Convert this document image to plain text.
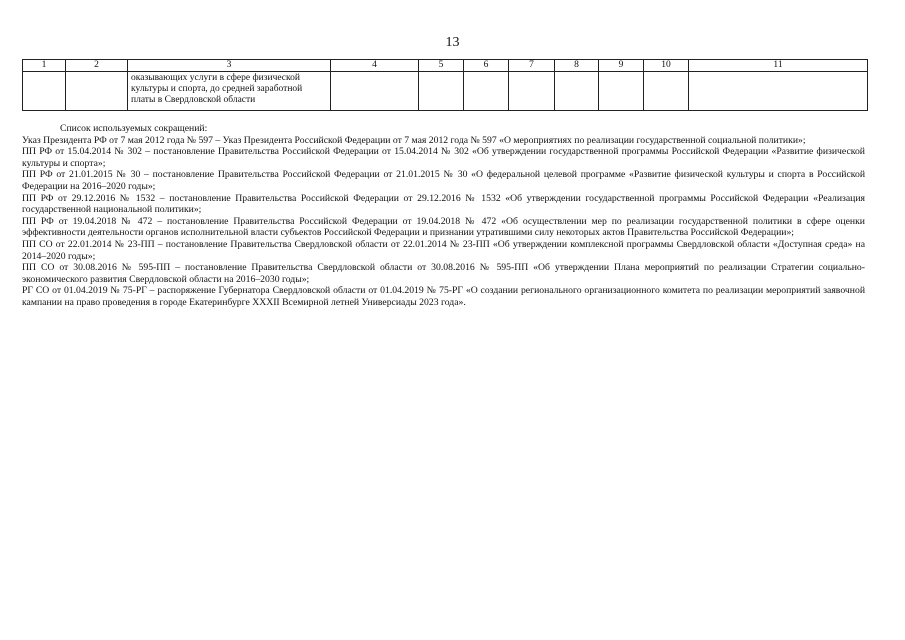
13
1	2	3	4	5	6	7	8	9	10	11
		оказывающих услуги в сфере физической культуры и спорта, до средней заработной платы в Свердловской области								

Список используемых сокращений:

Указ Президента РФ от 7 мая 2012 года № 597 – Указ Президента Российской Федерации от 7 мая 2012 года № 597 «О мероприятиях по реализации государственной социальной политики»;

ПП РФ от 15.04.2014 № 302 – постановление Правительства Российской Федерации от 15.04.2014 № 302 «Об утверждении государственной программы Российской Федерации «Развитие физической культуры и спорта»;

ПП РФ от 21.01.2015 № 30 – постановление Правительства Российской Федерации от 21.01.2015 № 30 «О федеральной целевой программе «Развитие физической культуры и спорта в Российской Федерации на 2016–2020 годы»;

ПП РФ от 29.12.2016 № 1532 – постановление Правительства Российской Федерации от 29.12.2016 № 1532 «Об утверждении государственной программы Российской Федерации «Реализация государственной национальной политики»;

ПП РФ от 19.04.2018 № 472 – постановление Правительства Российской Федерации от 19.04.2018 № 472 «Об осуществлении мер по реализации государственной политики в сфере оценки эффективности деятельности органов исполнительной власти субъектов Российской Федерации и признании утратившими силу некоторых актов Правительства Российской Федерации»;

ПП СО от 22.01.2014 № 23-ПП – постановление Правительства Свердловской области от 22.01.2014 № 23-ПП «Об утверждении комплексной программы Свердловской области «Доступная среда» на 2014–2020 годы»;

ПП СО от 30.08.2016 № 595-ПП – постановление Правительства Свердловской области от 30.08.2016 № 595-ПП «Об утверждении Плана мероприятий по реализации Стратегии социально-экономического развития Свердловской области на 2016–2030 годы»;

РГ СО от 01.04.2019 № 75-РГ – распоряжение Губернатора Свердловской области от 01.04.2019 № 75-РГ «О создании регионального организационного комитета по реализации мероприятий заявочной кампании на право проведения в городе Екатеринбурге XXXII Всемирной летней Универсиады 2023 года».
